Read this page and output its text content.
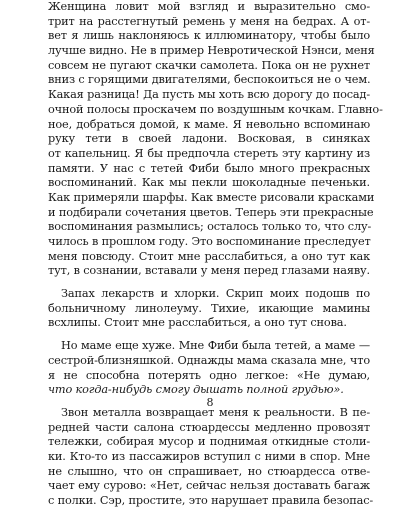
Женщина ловит мой взгляд и выразительно смо-
трит на расстегнутый ремень у меня на бедрах. А от-
вет я лишь наклоняюсь к иллюминатору, чтобы было
лучше видно. Не в пример Невротической Нэнси, меня
совсем не пугают скачки самолета. Пока он не рухнет
вниз с горящими двигателями, беспокоиться не о чем.
Какая разница! Да пусть мы хоть всю дорогу до посад-
очной полосы проскачем по воздушным кочкам. Главно-
ное, добраться домой, к маме. Я невольно вспоминаю
руку тети в своей ладони. Восковая, в синяках
от капельниц. Я бы предпочла стереть эту картину из
памяти. У нас с тетей Фиби было много прекрасных
воспоминаний. Как мы пекли шоколадные печеньки.
Как примеряли шарфы. Как вместе рисовали красками
и подбирали сочетания цветов. Теперь эти прекрасные
воспоминания размылись; осталось только то, что слу-
чилось в прошлом году. Это воспоминание преследует
меня повсюду. Стоит мне расслабиться, а оно тут как
тут, в сознании, вставали у меня перед глазами наяву.
Запах лекарств и хлорки. Скрип моих подошв по
больничному линолеуму. Тихие, икающие мамины
всхлипы. Стоит мне расслабиться, а оно тут снова.
Но маме еще хуже. Мне Фиби была тетей, а маме —
сестрой-близняшкой. Однажды мама сказала мне, что
я не способна потерять одно легкое: «Не думаю,
что когда-нибудь смогу дышать полной грудью».
Звон металла возвращает меня к реальности. В пе-
редней части салона стюардессы медленно провозят
тележки, собирая мусор и поднимая откидные столи-
ки. Кто-то из пассажиров вступил с ними в спор. Мне
не слышно, что он спрашивает, но стюардесса отве-
чает ему сурово: «Нет, сейчас нельзя доставать багаж
с полки. Сэр, простите, это нарушает правила безопас-
8
